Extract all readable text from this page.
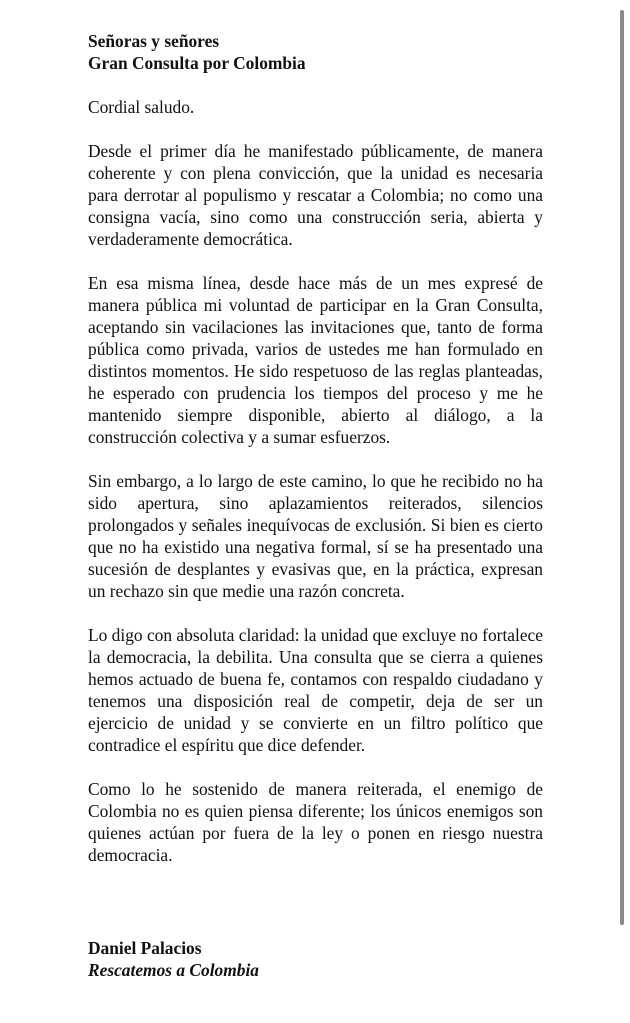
Señoras y señores
Gran Consulta por Colombia
Cordial saludo.

Desde el primer día he manifestado públicamente, de manera coherente y con plena convicción, que la unidad es necesaria para derrotar al populismo y rescatar a Colombia; no como una consigna vacía, sino como una construcción seria, abierta y verdaderamente democrática.

En esa misma línea, desde hace más de un mes expresé de manera pública mi voluntad de participar en la Gran Consulta, aceptando sin vacilaciones las invitaciones que, tanto de forma pública como privada, varios de ustedes me han formulado en distintos momentos. He sido respetuoso de las reglas planteadas, he esperado con prudencia los tiempos del proceso y me he mantenido siempre disponible, abierto al diálogo, a la construcción colectiva y a sumar esfuerzos.

Sin embargo, a lo largo de este camino, lo que he recibido no ha sido apertura, sino aplazamientos reiterados, silencios prolongados y señales inequívocas de exclusión. Si bien es cierto que no ha existido una negativa formal, sí se ha presentado una sucesión de desplantes y evasivas que, en la práctica, expresan un rechazo sin que medie una razón concreta.

Lo digo con absoluta claridad: la unidad que excluye no fortalece la democracia, la debilita. Una consulta que se cierra a quienes hemos actuado de buena fe, contamos con respaldo ciudadano y tenemos una disposición real de competir, deja de ser un ejercicio de unidad y se convierte en un filtro político que contradice el espíritu que dice defender.

Como lo he sostenido de manera reiterada, el enemigo de Colombia no es quien piensa diferente; los únicos enemigos son quienes actúan por fuera de la ley o ponen en riesgo nuestra democracia.

Daniel Palacios
Rescatemos a Colombia
